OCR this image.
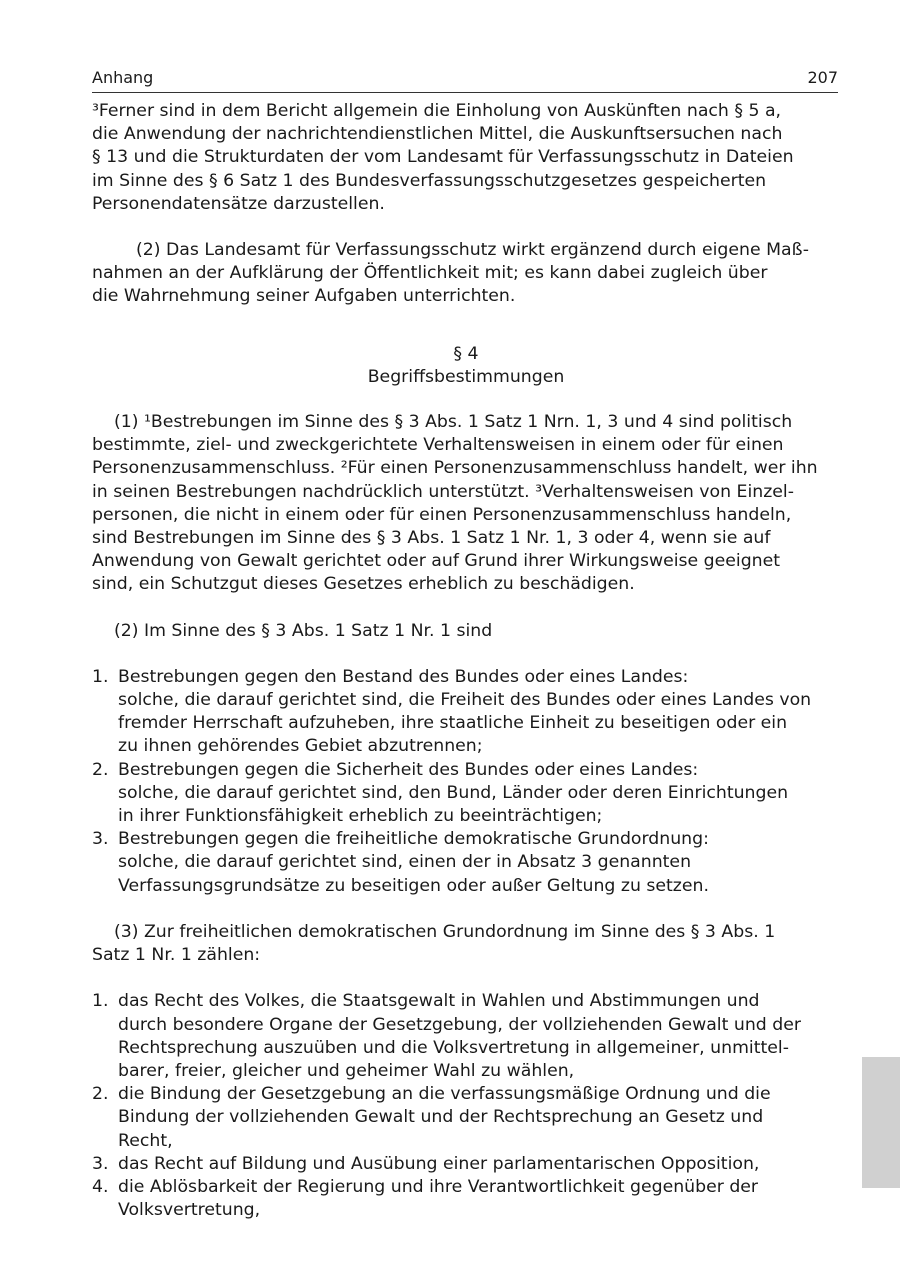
Anhang	207
³Ferner sind in dem Bericht allgemein die Einholung von Auskünften nach § 5 a,
die Anwendung der nachrichtendienstlichen Mittel, die Auskunftsersuchen nach
§ 13 und die Strukturdaten der vom Landesamt für Verfassungsschutz in Dateien
im Sinne des § 6 Satz 1 des Bundesverfassungsschutzgesetzes gespeicherten
Personendatensätze darzustellen.
(2) Das Landesamt für Verfassungsschutz wirkt ergänzend durch eigene Maß-
nahmen an der Aufklärung der Öffentlichkeit mit; es kann dabei zugleich über
die Wahrnehmung seiner Aufgaben unterrichten.
§ 4
Begriffsbestimmungen
(1) ¹Bestrebungen im Sinne des § 3 Abs. 1 Satz 1 Nrn. 1, 3 und 4 sind politisch
bestimmte, ziel- und zweckgerichtete Verhaltensweisen in einem oder für einen
Personenzusammenschluss. ²Für einen Personenzusammenschluss handelt, wer ihn
in seinen Bestrebungen nachdrücklich unterstützt. ³Verhaltensweisen von Einzel-
personen, die nicht in einem oder für einen Personenzusammenschluss handeln,
sind Bestrebungen im Sinne des § 3 Abs. 1 Satz 1 Nr. 1, 3 oder 4, wenn sie auf
Anwendung von Gewalt gerichtet oder auf Grund ihrer Wirkungsweise geeignet
sind, ein Schutzgut dieses Gesetzes erheblich zu beschädigen.
(2) Im Sinne des § 3 Abs. 1 Satz 1 Nr. 1 sind
1. Bestrebungen gegen den Bestand des Bundes oder eines Landes:
solche, die darauf gerichtet sind, die Freiheit des Bundes oder eines Landes von
fremder Herrschaft aufzuheben, ihre staatliche Einheit zu beseitigen oder ein
zu ihnen gehörendes Gebiet abzutrennen;
2. Bestrebungen gegen die Sicherheit des Bundes oder eines Landes:
solche, die darauf gerichtet sind, den Bund, Länder oder deren Einrichtungen
in ihrer Funktionsfähigkeit erheblich zu beeinträchtigen;
3. Bestrebungen gegen die freiheitliche demokratische Grundordnung:
solche, die darauf gerichtet sind, einen der in Absatz 3 genannten
Verfassungsgrundsätze zu beseitigen oder außer Geltung zu setzen.
(3) Zur freiheitlichen demokratischen Grundordnung im Sinne des § 3 Abs. 1
Satz 1 Nr. 1 zählen:
1. das Recht des Volkes, die Staatsgewalt in Wahlen und Abstimmungen und
durch besondere Organe der Gesetzgebung, der vollziehenden Gewalt und der
Rechtsprechung auszuüben und die Volksvertretung in allgemeiner, unmittel-
barer, freier, gleicher und geheimer Wahl zu wählen,
2. die Bindung der Gesetzgebung an die verfassungsmäßige Ordnung und die
Bindung der vollziehenden Gewalt und der Rechtsprechung an Gesetz und
Recht,
3. das Recht auf Bildung und Ausübung einer parlamentarischen Opposition,
4. die Ablösbarkeit der Regierung und ihre Verantwortlichkeit gegenüber der
Volksvertretung,
